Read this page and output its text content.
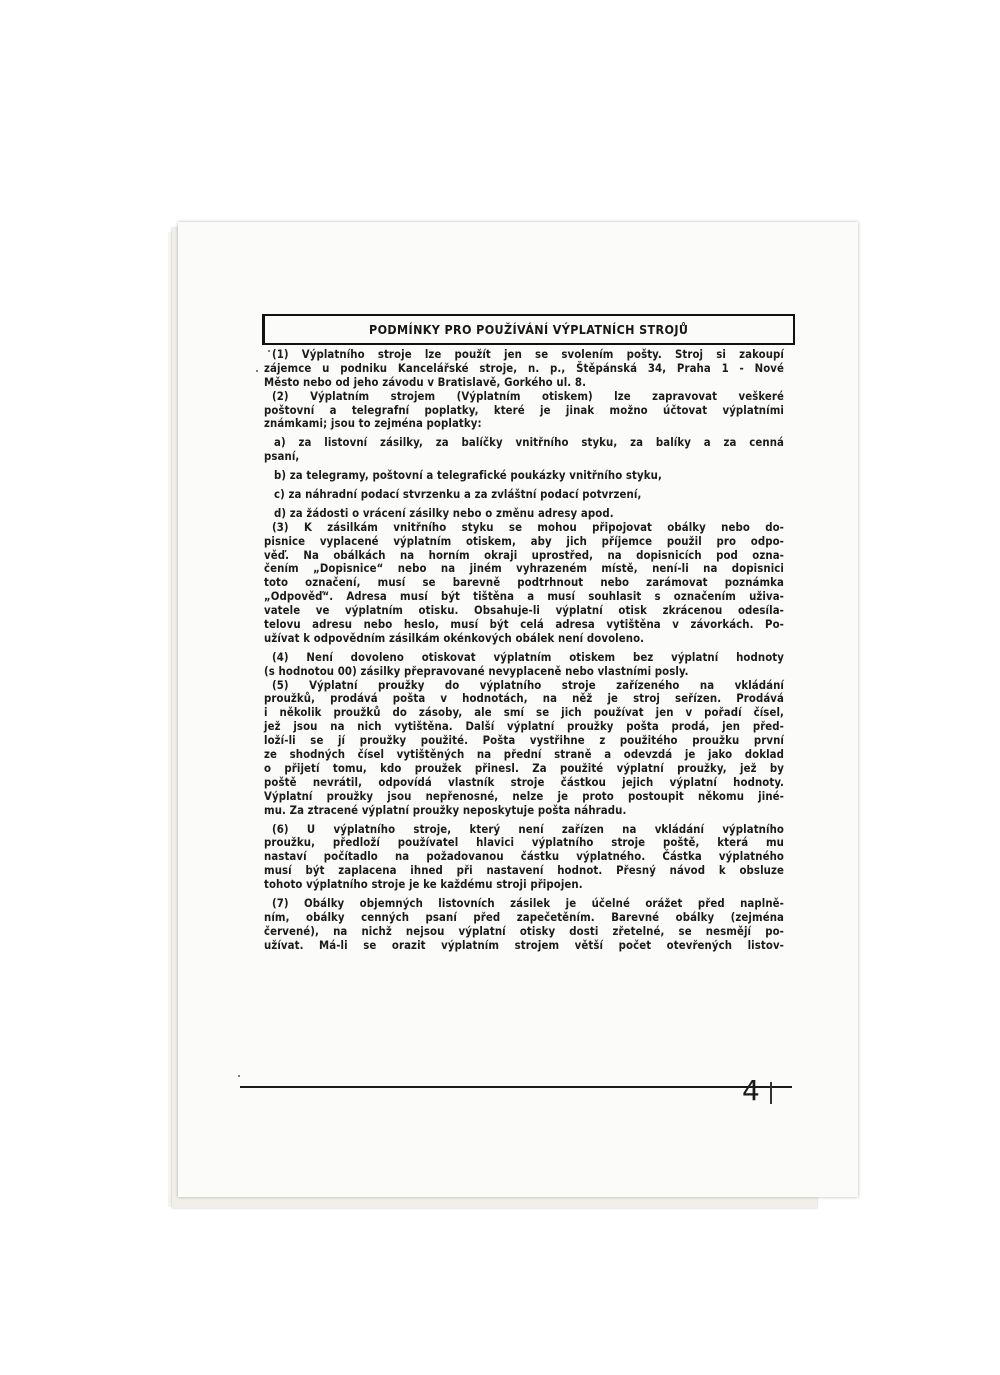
PODMÍNKY PRO POUŽÍVÁNÍ VÝPLATNÍCH STROJŮ
(1) Výplatního stroje lze použít jen se svolením pošty. Stroj si zakoupí
zájemce u podniku Kancelářské stroje, n. p., Štěpánská 34, Praha 1 - Nové
Město nebo od jeho závodu v Bratislavě, Gorkého ul. 8.
(2) Výplatním strojem (Výplatním otiskem) lze zapravovat veškeré
poštovní a telegrafní poplatky, které je jinak možno účtovat výplatními
známkami; jsou to zejména poplatky:
a) za listovní zásilky, za balíčky vnitřního styku, za balíky a za cenná
psaní,
b) za telegramy, poštovní a telegrafické poukázky vnitřního styku,
c) za náhradní podací stvrzenku a za zvláštní podací potvrzení,
d) za žádosti o vrácení zásilky nebo o změnu adresy apod.
(3) K zásilkám vnitřního styku se mohou připojovat obálky nebo do-
pisnice vyplacené výplatním otiskem, aby jich příjemce použil pro odpo-
věď. Na obálkách na horním okraji uprostřed, na dopisnicích pod ozna-
čením „Dopisnice“ nebo na jiném vyhrazeném místě, není-li na dopisnici
toto označení, musí se barevně podtrhnout nebo zarámovat poznámka
„Odpověď“. Adresa musí být tištěna a musí souhlasit s označením uživa-
vatele ve výplatním otisku. Obsahuje-li výplatní otisk zkrácenou odesíla-
telovu adresu nebo heslo, musí být celá adresa vytištěna v závorkách. Po-
užívat k odpovědním zásilkám okénkových obálek není dovoleno.
(4) Není dovoleno otiskovat výplatním otiskem bez výplatní hodnoty
(s hodnotou 00) zásilky přepravované nevyplaceně nebo vlastními posly.
(5) Výplatní proužky do výplatního stroje zařízeného na vkládání
proužků, prodává pošta v hodnotách, na něž je stroj seřízen. Prodává
i několik proužků do zásoby, ale smí se jich používat jen v pořadí čísel,
jež jsou na nich vytištěna. Další výplatní proužky pošta prodá, jen před-
loží-li se jí proužky použité. Pošta vystřihne z použitého proužku první
ze shodných čísel vytištěných na přední straně a odevzdá je jako doklad
o přijetí tomu, kdo proužek přinesl. Za použité výplatní proužky, jež by
poště nevrátil, odpovídá vlastník stroje částkou jejich výplatní hodnoty.
Výplatní proužky jsou nepřenosné, nelze je proto postoupit někomu jiné-
mu. Za ztracené výplatní proužky neposkytuje pošta náhradu.
(6) U výplatního stroje, který není zařízen na vkládání výplatního
proužku, předloží používatel hlavici výplatního stroje poště, která mu
nastaví počítadlo na požadovanou částku výplatného. Částka výplatného
musí být zaplacena ihned při nastavení hodnot. Přesný návod k obsluze
tohoto výplatního stroje je ke každému stroji připojen.
(7) Obálky objemných listovních zásilek je účelné orážet před naplně-
ním, obálky cenných psaní před zapečetěním. Barevné obálky (zejména
červené), na nichž nejsou výplatní otisky dosti zřetelné, se nesmějí po-
užívat. Má-li se orazit výplatním strojem větší počet otevřených listov-
4
